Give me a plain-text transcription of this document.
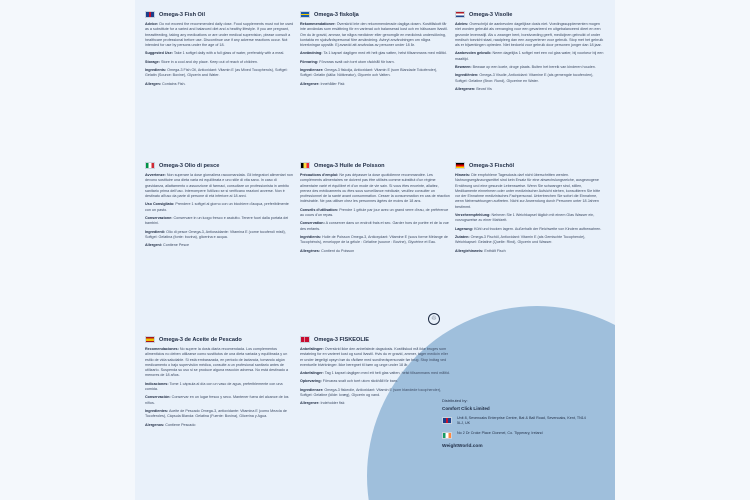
Omega-3 Fish Oil

Advice: Do not exceed the recommended daily dose. Food supplements must not be used as a substitute for a varied and balanced diet and a healthy lifestyle. If you are pregnant, breastfeeding, taking any medications or are under medical supervision, please consult a healthcare professional before use. Discontinue use if any adverse reactions occur. Not intended for use by persons under the age of 18.

Suggested Use: Take 1 softgel daily with a full glass of water, preferably with a meal.

Storage: Store in a cool and dry place. Keep out of reach of children.

Ingredients: Omega-3 Fish Oil, Antioxidant: Vitamin E (as Mixed Tocopherols), Softgel: Gelatin (Source: Bovine), Glycerin and Water.

Allergen: Contains Fish.

Omega-3 Olio di pesce

Avvertenze: Non superare la dose giornaliera raccomandata. Gli integratori alimentari non devono sostituire una dieta varia ed equilibrata e uno stile di vita sano. In caso di gravidanza, allattamento o assunzione di farmaci, consultare un professionista in ambito sanitario prima dell'uso. Interrompere l'utilizzo se si verificano reazioni avverse. Non è destinato all'uso da parte di persone di età inferiore ai 18 anni.

Uso Consigliato: Prendere 1 softgel al giorno con un bicchiere d'acqua, preferibilmente con un pasto.

Conservazione: Conservare in un luogo fresco e asciutto. Tenere fuori dalla portata dei bambini.

Ingredienti: Olio di pesce Omega-3, Antiossidante: Vitamina E (come tocoferoli misti), Softgel: Gelatina (fonte: bovina), glicerina e acqua.

Allergeni: Contiene Pesce

Omega-3 de Aceite de Pescado

Recomendaciones: No supere la dosis diaria recomendada. Los complementos alimenticios no deben utilizarse como sustitutos de una dieta variada y equilibrada y un estilo de vida saludable. Si está embarazada, en periodo de lactancia, tomando algún medicamento o bajo supervisión médica, consulte a un profesional sanitario antes de utilizarlo. Suspenda su uso si se produce alguna reacción adversa. No está destinado a menores de 18 años.

Indicaciones: Tome 1 cápsula al día con un vaso de agua, preferiblemente con una comida.

Conservación: Conservar en un lugar fresco y seco. Mantener fuera del alcance de los niños.

Ingredientes: Aceite de Pescado Omega-3, antioxidante: Vitamina E (como Mezcla de Tocoferoles), Cápsula Blanda: Gelatina (Fuente: Bovina), Glicerina y Agua.

Alergenos: Contiene Pescado

Omega-3 fiskolja

Rekommendationer: Överskrid inte den rekommenderade dagliga dosen. Kosttillskott får inte användas som ersättning för en varierad och balanserad kost och en hälsosam livsstil. Om du är gravid, ammar, tar några mediciner eller genomgår en medicinsk undersökning, kontakta en sjukvårdspersonal före användning. Avbryt användningen om några biverkningar uppstår. Ej avsedd att användas av personer under 18 år.

Användning: Ta 1 kapsel dagligen med ett helt glas vatten, helst tillsammans med måltid.

Förvaring: Förvaras svalt och torrt utom räckhåll för barn.

Ingredienser: Omega-3 fiskolja, Antioxidant: Vitamin E (som Blandade Tokoferoler), Softgel: Gelatin (källa: Nötkreatur), Glycerin och Vatten.

Allergener: Innehåller Fisk

Omega-3 Huile de Poisson

Précautions d'emploi: Ne pas dépasser la dose quotidienne recommandée. Les compléments alimentaires ne doivent pas être utilisés comme substitut d'un régime alimentaire varié et équilibré et d'un mode de vie sain. Si vous êtes enceinte, allaitez, prenez des médicaments ou êtes sous surveillance médicale, veuillez consulter un professionnel de la santé avant consommation. Cesser la consommation en cas de réaction indésirable. Ne pas utiliser chez les personnes âgées de moins de 18 ans.

Conseils d'utilisation: Prendre 1 gélule par jour avec un grand verre d'eau, de préférence au cours d'un repas.

Conservation: A conserver dans un endroit frais et sec. Garder hors de portée et de la vue des enfants.

Ingrédients: Huile de Poisson Omega-3, Antioxydant: Vitamine E (sous forme Mélange de Tocophérols), enveloppe de la gélule : Gélatine (source : Bovine), Glycérine et Eau.

Allergènes: Contient du Poisson

♲
Omega-3 FISKEOLIE

Anbefalinger: Overskrid ikke den anbefalede dagsdosis. Kosttilskud må ikke bruges som erstatning for en varieret kost og sund livsstil. Hvis du er gravid, ammer, tager medicin eller er under lægeligt opsyn bør du rådføre med sundhedspersonale før brug. Stop indtag ved eventuelle bivirkninger. Ikke beregnet til børn og unge under 18 år.

Anbefalinger: Tag 1 kapsel dagligen med ett helt glas vatten, helst tillsammans med måltid.

Opbevaring: Förvaras svalt och torrt utom räckhåll för barn.

Ingredienser: Omega-3 fiskeolie, Antioxidant: Vitamin E (som blandede tocopheroler), Softgel: Gelatine (kilde: kvæg), Glycerin og vand.

Allergener: Indeholder fisk

Omega-3 Visolie

Advies: Overschrijd de aanbevolen dagelijkse dosis niet. Voedingssupplementen mogen niet worden gebruikt als vervanging voor een gevarieerd en uitgebalanceerd dieet en een gezonde levensstijl. Als u zwanger bent, borstvoeding geeft, medicijnen gebruikt of onder medisch toezicht staat, raadpleeg dan een zorgverlener voor gebruik. Stop met het gebruik als er bijwerkingen optreden. Niet bedoeld voor gebruik door personen jonger dan 18 jaar.

Aanbevolen gebruik: Neem dagelijks 1 softgel met een vol glas water, bij voorkeur bij een maaltijd.

Bewaren: Bewaar op een koele, droge plaats. Buiten het bereik van kinderen houden.

Ingrediënten: Omega-3 Visolie, Antioxidant: Vitamine E (als gemengde tocoferolen), Softgel: Gelatine (Bron: Rund), Glycerine en Water.

Allergenen: Bevat Vis

Omega-3 Fischöl

Hinweis: Die empfohlene Tagesdosis darf nicht überschritten werden. Nahrungsergänzungsmittel sind kein Ersatz für eine abwechslungsreiche, ausgewogene Ernährung und eine gesunde Lebensweise. Wenn Sie schwanger sind, stillen, Medikamente einnehmen oder unter medizinischer Aufsicht stehen, konsultieren Sie bitte vor der Einnahme medizinisches Fachpersonal. Unterbrechen Sie sofort die Einnahme, wenn Nebenwirkungen auftreten. Nicht zur Anwendung durch Personen unter 18 Jahren bestimmt.

Verzehrempfehlung: Nehmen Sie 1 Weichkapsel täglich mit einem Glas Wasser ein, vorzugsweise zu einer Mahlzeit.

Lagerung: Kühl und trocken lagern. Außerhalb der Reichweite von Kindern aufbewahren.

Zutaten: Omega-3 Fischöl, Antioxidant: Vitamin E (als Gemischte Tocopherole), Weichkapsel: Gelatine (Quelle: Rind), Glycerin und Wasser.

Allergiehinweis: Enthält Fisch

Distributed by:
Comfort Click Limited
Unit 8, Sevenoaks Enterprise Centre, Bat & Ball Road, Sevenoaks, Kent, TN14 5LJ, UK
No 2 Dr Croke Place Clonmel, Co. Tipperary, Ireland
WeightWorld.com
